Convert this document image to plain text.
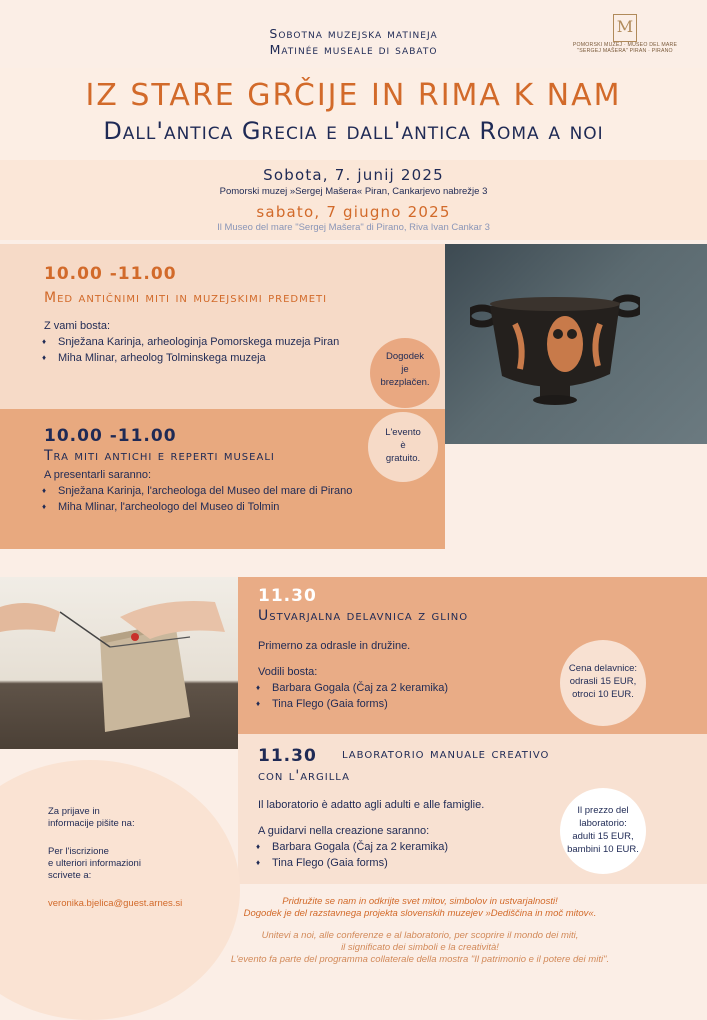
Sobotna muzejska matineja
Matinée museale di sabato
M
POMORSKI MUZEJ · MUSEO DEL MARE
"SERGEJ MAŠERA" PIRAN · PIRANO
IZ STARE GRČIJE IN RIMA K NAM
Dall'antica Grecia e dall'antica Roma a noi
Sobota, 7. junij 2025
Pomorski muzej »Sergej Mašera« Piran, Cankarjevo nabrežje 3
sabato, 7 giugno 2025
Il Museo del mare "Sergej Mašera" di Pirano, Riva Ivan Cankar 3
10.00 -11.00
Med antičnimi miti in muzejskimi predmeti
Z vami bosta:
♦ Snježana Karinja, arheologinja Pomorskega muzeja Piran
♦ Miha Mlinar, arheolog Tolminskega muzeja	Dogodek
je
brezplačen.
10.00 -11.00
Tra miti antichi e reperti museali
A presentarli saranno:
♦ Snježana Karinja, l'archeologa del Museo del mare di Pirano
♦ Miha Mlinar, l'archeologo del Museo di Tolmin
L'evento
è
gratuito.
11.30
Ustvarjalna delavnica z glino
Primerno za odrasle in družine.
Vodili bosta:
♦ Barbara Gogala (Čaj za 2 keramika)
♦ Tina Flego (Gaia forms)
Cena delavnice:
odrasli 15 EUR,
otroci 10 EUR.
11.30 laboratorio manuale creativo
con l'argilla
Il laboratorio è adatto agli adulti e alle famiglie.
A guidarvi nella creazione saranno:
♦ Barbara Gogala (Čaj za 2 keramika)
♦ Tina Flego (Gaia forms)
Il prezzo del
laboratorio:
adulti 15 EUR,
bambini 10 EUR.
Za prijave in
informacije pišite na:
Per l'iscrizione
e ulteriori informazioni
scrivete a:
veronika.bjelica@guest.arnes.si	Pridružite se nam in odkrijte svet mitov, simbolov in ustvarjalnosti!
Dogodek je del razstavnega projekta slovenskih muzejev »Dediščina in moč mitov«.
Unitevi a noi, alle conferenze e al laboratorio, per scoprire il mondo dei miti,
il significato dei simboli e la creatività!
L'evento fa parte del programma collaterale della mostra "Il patrimonio e il potere dei miti".
